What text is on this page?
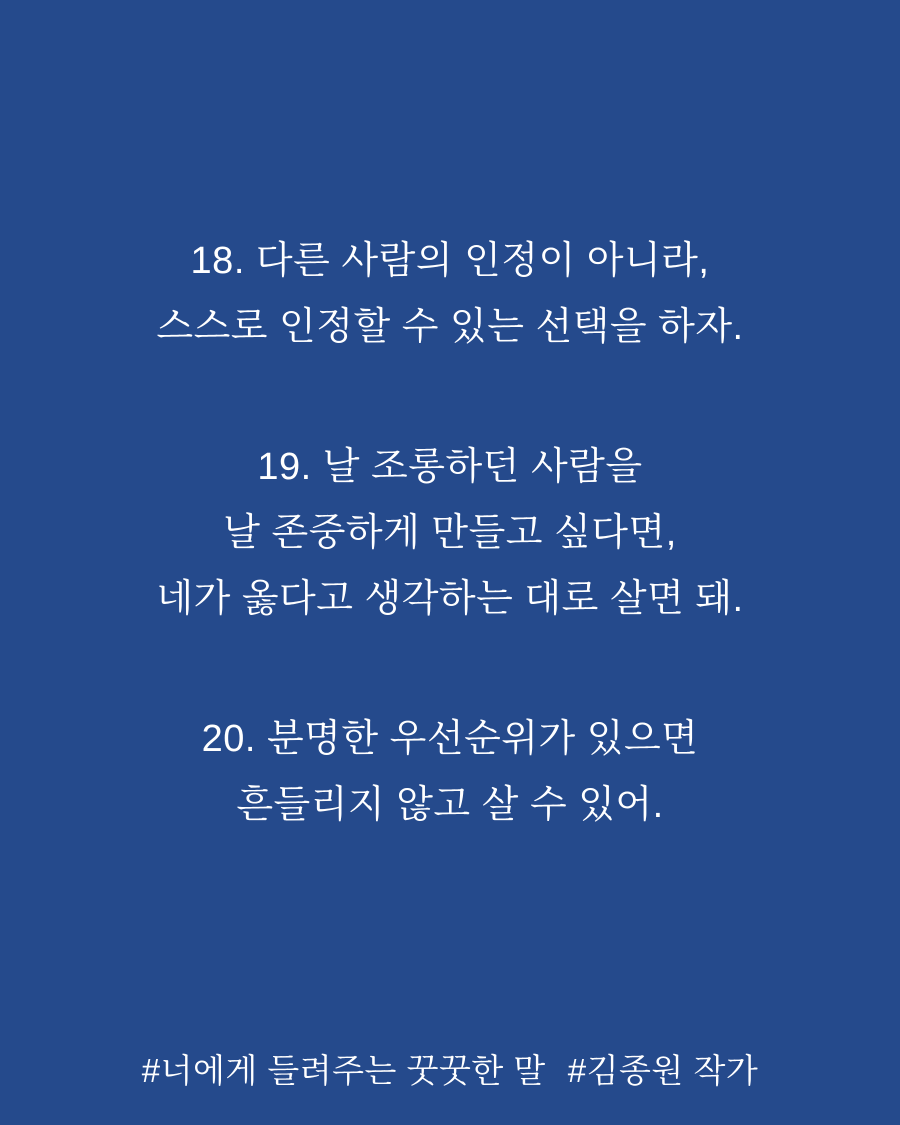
18. 다른 사람의 인정이 아니라,
스스로 인정할 수 있는 선택을 하자.
19. 날 조롱하던 사람을
날 존중하게 만들고 싶다면,
네가 옳다고 생각하는 대로 살면 돼.
20. 분명한 우선순위가 있으면
흔들리지 않고 살 수 있어.
#너에게 들려주는 꿋꿋한 말 #김종원 작가
